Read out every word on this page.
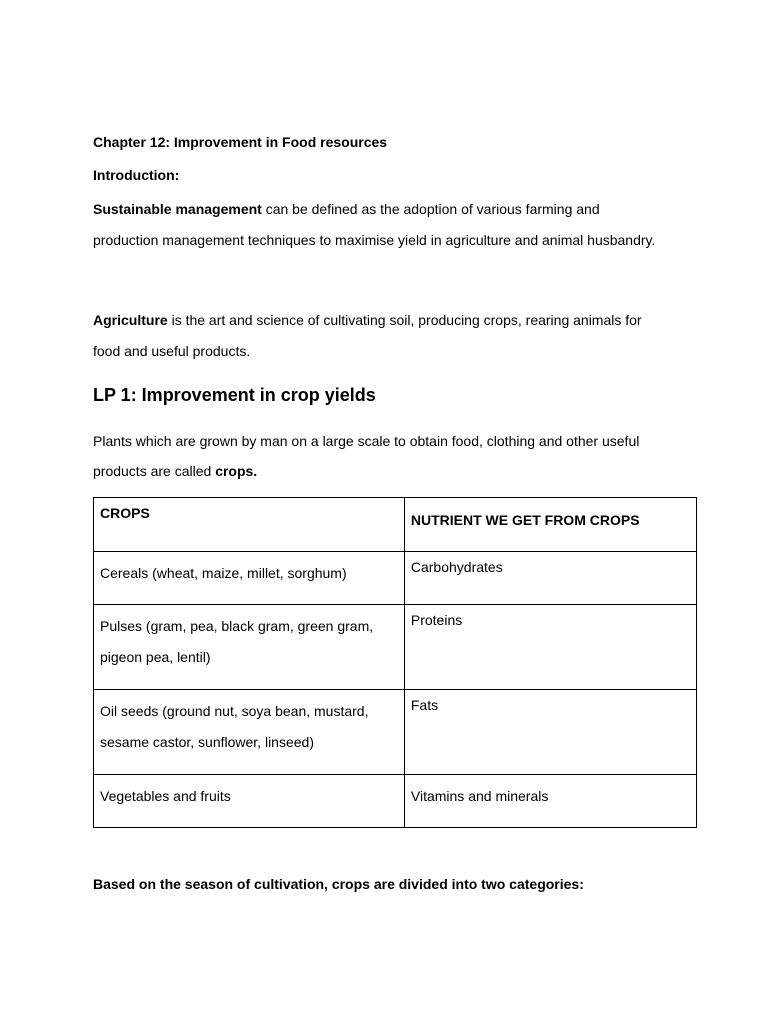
Chapter 12: Improvement in Food resources
Introduction:
Sustainable management can be defined as the adoption of various farming and
production management techniques to maximise yield in agriculture and animal husbandry.
Agriculture is the art and science of cultivating soil, producing crops, rearing animals for
food and useful products.
LP 1: Improvement in crop yields
Plants which are grown by man on a large scale to obtain food, clothing and other useful
products are called crops.
CROPS	NUTRIENT WE GET FROM CROPS
Cereals (wheat, maize, millet, sorghum)	Carbohydrates

Pulses (gram, pea, black gram, green gram,
pigeon pea, lentil)	Proteins

Oil seeds (ground nut, soya bean, mustard,
sesame castor, sunflower, linseed)	Fats
Vegetables and fruits	Vitamins and minerals
Based on the season of cultivation, crops are divided into two categories:
